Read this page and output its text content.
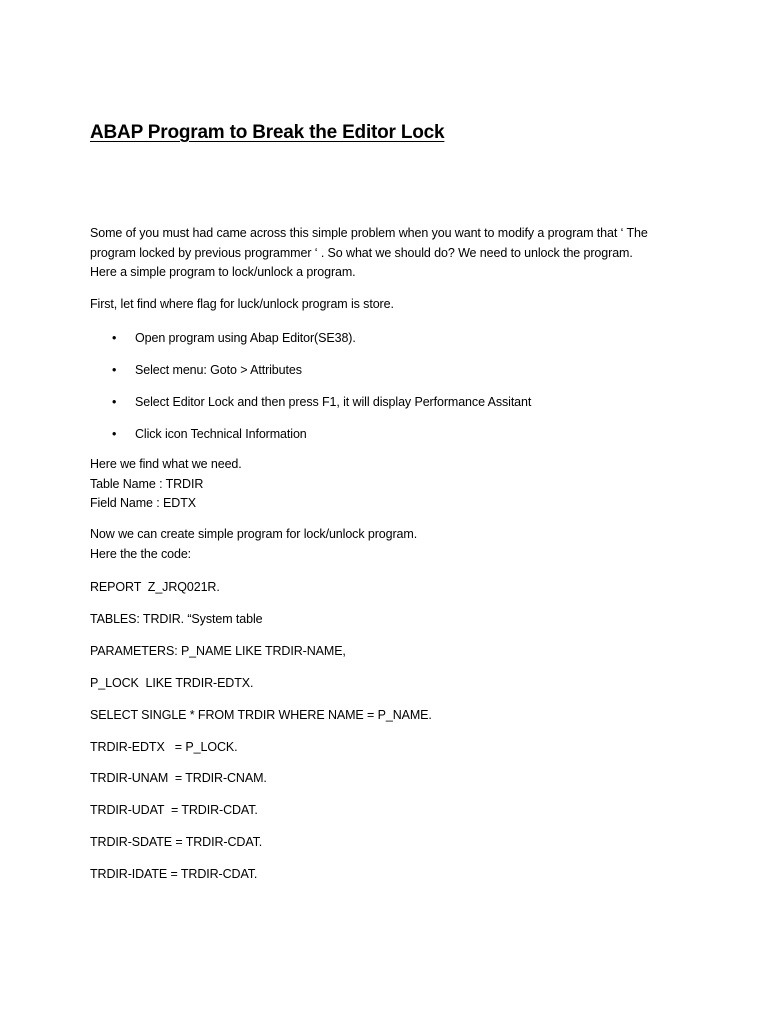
ABAP Program to Break the Editor Lock
Some of you must had came across this simple problem when you want to modify a program that ‘ The
program locked by previous programmer ‘ . So what we should do? We need to unlock the program.
Here a simple program to lock/unlock a program.
First, let find where flag for luck/unlock program is store.
• Open program using Abap Editor(SE38).
• Select menu: Goto > Attributes
• Select Editor Lock and then press F1, it will display Performance Assitant
• Click icon Technical Information
Here we find what we need.
Table Name : TRDIR
Field Name : EDTX
Now we can create simple program for lock/unlock program.
Here the the code:
REPORT  Z_JRQ021R.
TABLES: TRDIR. “System table
PARAMETERS: P_NAME LIKE TRDIR-NAME,
P_LOCK  LIKE TRDIR-EDTX.
SELECT SINGLE * FROM TRDIR WHERE NAME = P_NAME.
TRDIR-EDTX   = P_LOCK.
TRDIR-UNAM  = TRDIR-CNAM.
TRDIR-UDAT  = TRDIR-CDAT.
TRDIR-SDATE = TRDIR-CDAT.
TRDIR-IDATE = TRDIR-CDAT.
